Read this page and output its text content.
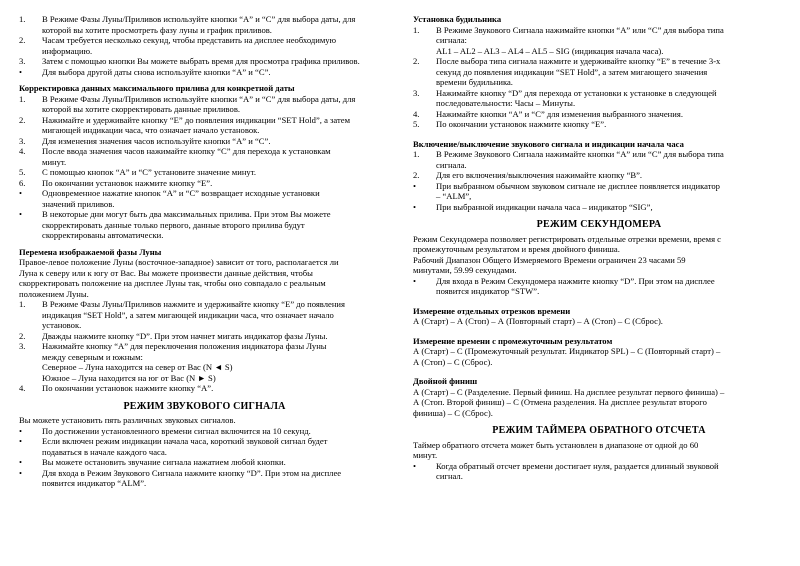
1.	В Режиме Фазы Луны/Приливов используйте кнопки “А” и “С” для выбора даты, для
которой вы хотите просмотреть фазу луны и график приливов.
2.	Часам требуется несколько секунд, чтобы представить на дисплее необходимую
информацию.
3.	Затем с помощью кнопки Вы можете выбрать время для просмотра графика приливов.
•	Для выбора другой даты снова используйте кнопки “А” и “С”.
Корректировка данных максимального прилива для конкретной даты
1.	В Режиме Фазы Луны/Приливов используйте кнопки “А” и “С” для выбора даты, для
которой вы хотите скорректировать данные приливов.
2.	Нажимайте и удерживайте кнопку “Е” до появления индикации “SET Hold”, а затем
мигающей индикации часа, что означает начало установок.
3.	Для изменения значения часов используйте кнопки “А” и “С”.
4.	После ввода значения часов нажимайте кнопку “С” для перехода к установкам
минут.
5.	С помощью кнопок “А” и “С” установите значение минут.
6.	По окончании установок нажмите кнопку “Е”.
•	Одновременное нажатие кнопок “А” и “С” возвращает исходные установки
значений приливов.
•	В некоторые дни могут быть два максимальных прилива. При этом Вы можете
скорректировать данные только первого, данные второго прилива будут
скорректированы автоматически.
Перемена изображаемой фазы Луны
Правое-левое положение Луны (восточное-западное) зависит от того, располагается ли
Луна к северу или к югу от Вас. Вы можете произвести данные действия, чтобы
скорректировать положение на дисплее Луны так, чтобы оно совпадало с реальным
положением Луны.
1.	В Режиме Фазы Луны/Приливов нажмите и удерживайте кнопку “Е” до появления
индикация “SET Hold”, а затем мигающей индикации часа, что означает начало
установок.
2.	Дважды нажмите кнопку “D”. При этом начнет мигать индикатор фазы Луны.
3.	Нажимайте кнопку “А” для переключения положения индикатора фазы Луны
между северным и южным:
Северное – Луна находится на север от Вас (N ◄ S)
Южное – Луна находится на юг от Вас (N ► S)
4.	По окончании установок нажмите кнопку “А”.
РЕЖИМ ЗВУКОВОГО СИГНАЛА
Вы можете установить пять различных звуковых сигналов.
•	По достижении установленного времени сигнал включится на 10 секунд.
•	Если включен режим индикации начала часа, короткий звуковой сигнал будет
подаваться в начале каждого часа.
•	Вы можете остановить звучание сигнала нажатием любой кнопки.
•	Для входа в Режим Звукового Сигнала нажмите кнопку “D”. При этом на дисплее
появится индикатор “ALM”.
Установка будильника
1.	В Режиме Звукового Сигнала нажимайте кнопки “А” или “С” для выбора типа
сигнала:
AL1 – AL2 – AL3 – AL4 – AL5 – SIG (индикация начала часа).
2.	После выбора типа сигнала нажмите и удерживайте кнопку “Е” в течение 3-х
секунд до появления индикации “SET Hold”, а затем мигающего значения
времени будильника.
3.	Нажимайте кнопку “D” для перехода от установки к установке в следующей
последовательности: Часы – Минуты.
4.	Нажимайте кнопки “А” и “С” для изменения выбранного значения.
5.	По окончании установок нажмите кнопку “Е”.
Включение/выключение звукового сигнала и индикации начала часа
1.	В Режиме Звукового Сигнала нажимайте кнопки “А” или “С” для выбора типа
сигнала.
2.	Для его включения/выключения нажимайте кнопку “В”.
•	При выбранном обычном звуковом сигнале не дисплее появляется индикатор
– “ALM”,
•	При выбранной индикации начала часа – индикатор “SIG”,
РЕЖИМ СЕКУНДОМЕРА
Режим Секундомера позволяет регистрировать отдельные отрезки времени, время с
промежуточным результатом и время двойного финиша.
Рабочий Диапазон Общего Измеряемого Времени ограничен 23 часами 59
минутами, 59.99 секундами.
•	Для входа в Режим Секундомера нажмите кнопку “D”. При этом на дисплее
появится индикатор “STW”.
Измерение отдельных отрезков времени
А (Старт) – А (Стоп) – А (Повторный старт) – А (Стоп) – С (Сброс).
Измерение времени с промежуточным результатом
А (Старт) – С (Промежуточный результат. Индикатор SPL) – С (Повторный старт) –
А (Стоп) – С (Сброс).
Двойной финиш
А (Старт) – С (Разделение. Первый финиш. На дисплее результат первого финиша) –
А (Стоп. Второй финиш) – С (Отмена разделения. На дисплее результат второго
финиша) – С (Сброс).
РЕЖИМ ТАЙМЕРА ОБРАТНОГО ОТСЧЕТА
Таймер обратного отсчета может быть установлен в диапазоне от одной до 60
минут.
•	Когда обратный отсчет времени достигает нуля, раздается длинный звуковой
сигнал.
